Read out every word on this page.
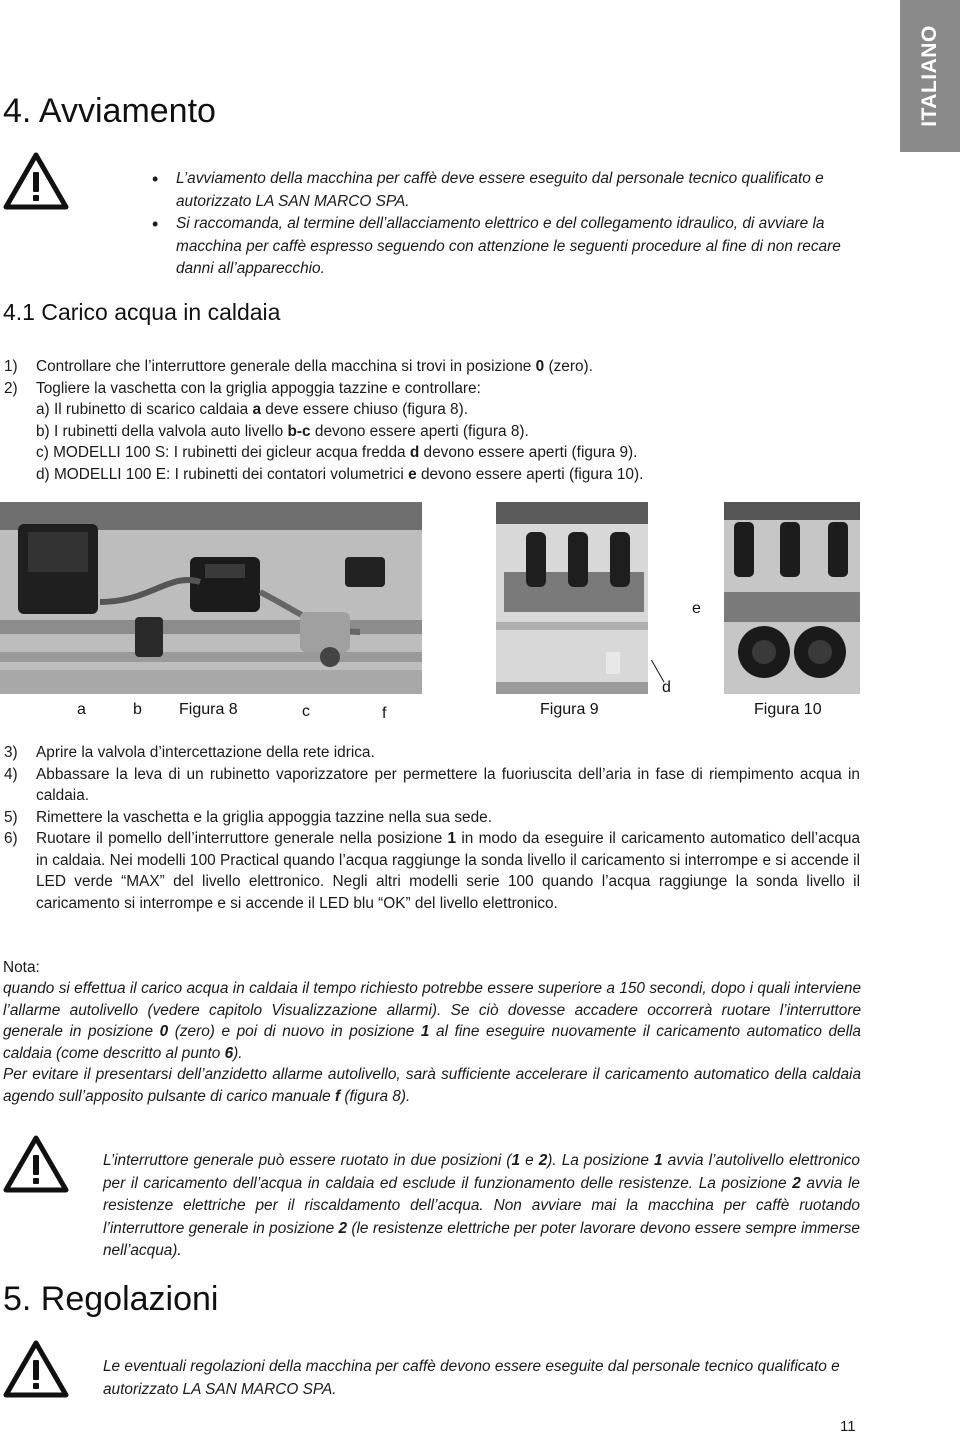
ITALIANO
4. Avviamento
• L’avviamento della macchina per caffè deve essere eseguito dal personale tecnico qualificato e autorizzato LA SAN MARCO SPA.
• Si raccomanda, al termine dell’allacciamento elettrico e del collegamento idraulico, di avviare la macchina per caffè espresso seguendo con attenzione le seguenti procedure al fine di non recare danni all’apparecchio.
4.1 Carico acqua in caldaia
1)	Controllare che l’interruttore generale della macchina si trovi in posizione 0 (zero).
2)	Togliere la vaschetta con la griglia appoggia tazzine e controllare:
a) Il rubinetto di scarico caldaia a deve essere chiuso (figura 8).
b) I rubinetti della valvola auto livello b-c devono essere aperti (figura 8).
c) MODELLI 100 S: I rubinetti dei gicleur acqua fredda d devono essere aperti (figura 9).
d) MODELLI 100 E: I rubinetti dei contatori volumetrici e devono essere aperti (figura 10).
a	b Figura 8	c	f
d
e
Figura 9	Figura 10
3)	Aprire la valvola d’intercettazione della rete idrica.
4)	Abbassare la leva di un rubinetto vaporizzatore per permettere la fuoriuscita dell’aria in fase di riempimento acqua in caldaia.
5)	Rimettere la vaschetta e la griglia appoggia tazzine nella sua sede.
6)	Ruotare il pomello dell’interruttore generale nella posizione 1 in modo da eseguire il caricamento automatico dell’acqua in caldaia. Nei modelli 100 Practical quando l’acqua raggiunge la sonda livello il caricamento si interrompe e si accende il LED verde “MAX” del livello elettronico. Negli altri modelli serie 100 quando l’acqua raggiunge la sonda livello il caricamento si interrompe e si accende il LED blu “OK” del livello elettronico.
Nota:

quando si effettua il carico acqua in caldaia il tempo richiesto potrebbe essere superiore a 150 secondi, dopo i quali interviene l’allarme autolivello (vedere capitolo Visualizzazione allarmi). Se ciò dovesse accadere occorrerà ruotare l’interruttore generale in posizione 0 (zero) e poi di nuovo in posizione 1 al fine eseguire nuovamente il caricamento automatico della caldaia (come descritto al punto 6).

Per evitare il presentarsi dell’anzidetto allarme autolivello, sarà sufficiente accelerare il caricamento automatico della caldaia agendo sull’apposito pulsante di carico manuale f (figura 8).

L’interruttore generale può essere ruotato in due posizioni (1 e 2). La posizione 1 avvia l’autolivello elettronico per il caricamento dell’acqua in caldaia ed esclude il funzionamento delle resistenze. La posizione 2 avvia le resistenze elettriche per il riscaldamento dell’acqua. Non avviare mai la macchina per caffè ruotando l’interruttore generale in posizione 2 (le resistenze elettriche per poter lavorare devono essere sempre immerse nell’acqua).

5. Regolazioni

Le eventuali regolazioni della macchina per caffè devono essere eseguite dal personale tecnico qualificato e autorizzato LA SAN MARCO SPA.

11
